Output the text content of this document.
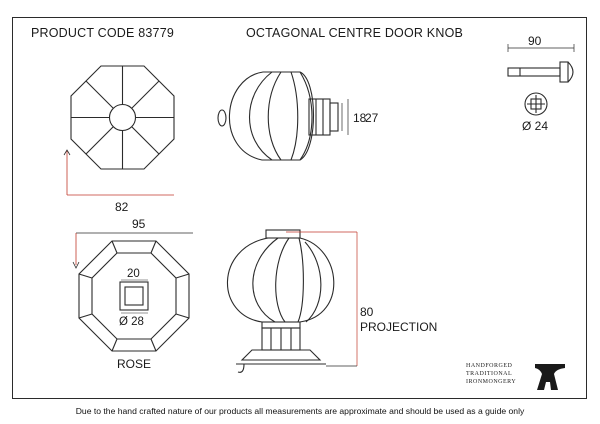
PRODUCT CODE 83779	OCTAGONAL CENTRE DOOR KNOB
90
18
27
Ø 24
82
95
20
Ø 28
80
PROJECTION
ROSE	HANDFORGED
TRADITIONAL
IRONMONGERY
Due to the hand crafted nature of our products all measurements are approximate and should be used as a guide only
